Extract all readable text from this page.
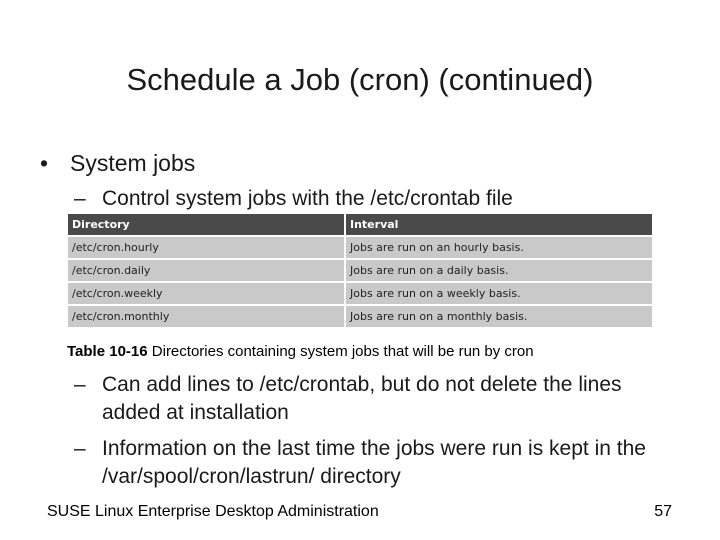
Schedule a Job (cron) (continued)
• System jobs
– Control system jobs with the /etc/crontab file
Directory	Interval
/etc/cron.hourly	Jobs are run on an hourly basis.
/etc/cron.daily	Jobs are run on a daily basis.
/etc/cron.weekly	Jobs are run on a weekly basis.
/etc/cron.monthly	Jobs are run on a monthly basis.
Table 10-16 Directories containing system jobs that will be run by cron
– Can add lines to /etc/crontab, but do not delete the lines added at installation
– Information on the last time the jobs were run is kept in the /var/spool/cron/lastrun/ directory
SUSE Linux Enterprise Desktop Administration	57
